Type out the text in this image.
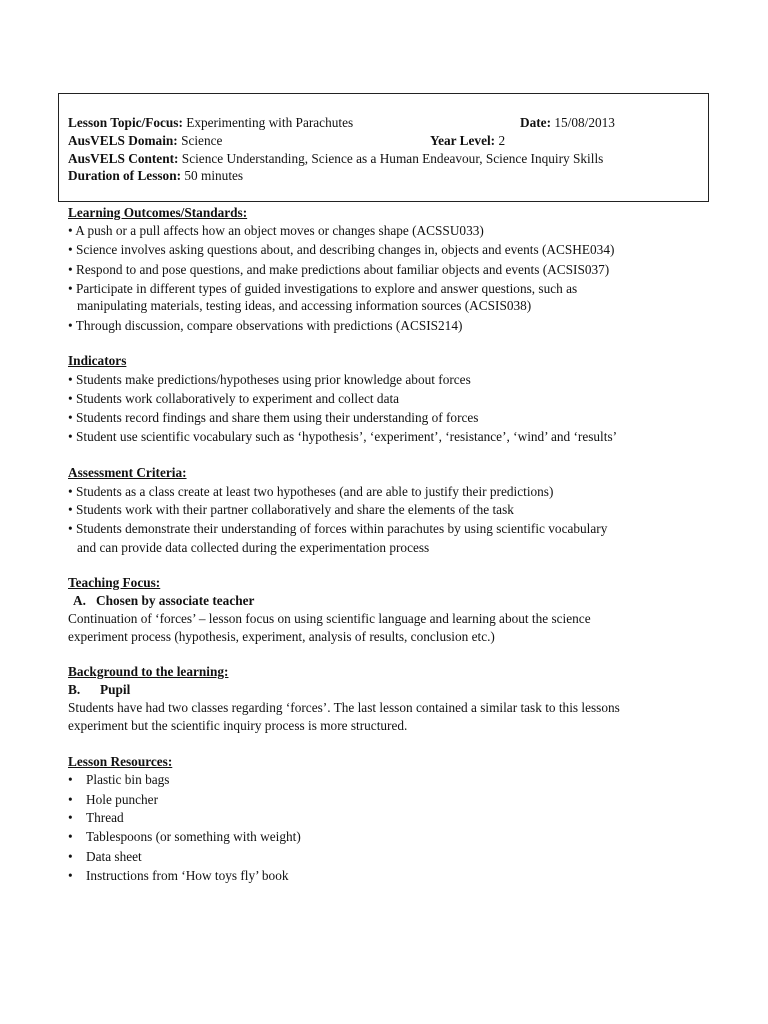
Lesson Topic/Focus: Experimenting with Parachutes	Date: 15/08/2013
AusVELS Domain: Science	Year Level: 2
AusVELS Content: Science Understanding, Science as a Human Endeavour, Science Inquiry Skills
Duration of Lesson: 50 minutes
Learning Outcomes/Standards:
• A push or a pull affects how an object moves or changes shape (ACSSU033)
• Science involves asking questions about, and describing changes in, objects and events (ACSHE034)
• Respond to and pose questions, and make predictions about familiar objects and events (ACSIS037)
• Participate in different types of guided investigations to explore and answer questions, such as
manipulating materials, testing ideas, and accessing information sources (ACSIS038)
• Through discussion, compare observations with predictions (ACSIS214)
Indicators
• Students make predictions/hypotheses using prior knowledge about forces
• Students work collaboratively to experiment and collect data
• Students record findings and share them using their understanding of forces
• Student use scientific vocabulary such as ‘hypothesis’, ‘experiment’, ‘resistance’, ‘wind’ and ‘results’
Assessment Criteria:
• Students as a class create at least two hypotheses (and are able to justify their predictions)
• Students work with their partner collaboratively and share the elements of the task
• Students demonstrate their understanding of forces within parachutes by using scientific vocabulary
and can provide data collected during the experimentation process
Teaching Focus:
A. Chosen by associate teacher
Continuation of ‘forces’ – lesson focus on using scientific language and learning about the science
experiment process (hypothesis, experiment, analysis of results, conclusion etc.)
Background to the learning:
B. Pupil
Students have had two classes regarding ‘forces’. The last lesson contained a similar task to this lessons
experiment but the scientific inquiry process is more structured.
Lesson Resources:
• Plastic bin bags
• Hole puncher
• Thread
• Tablespoons (or something with weight)
• Data sheet
• Instructions from ‘How toys fly’ book
